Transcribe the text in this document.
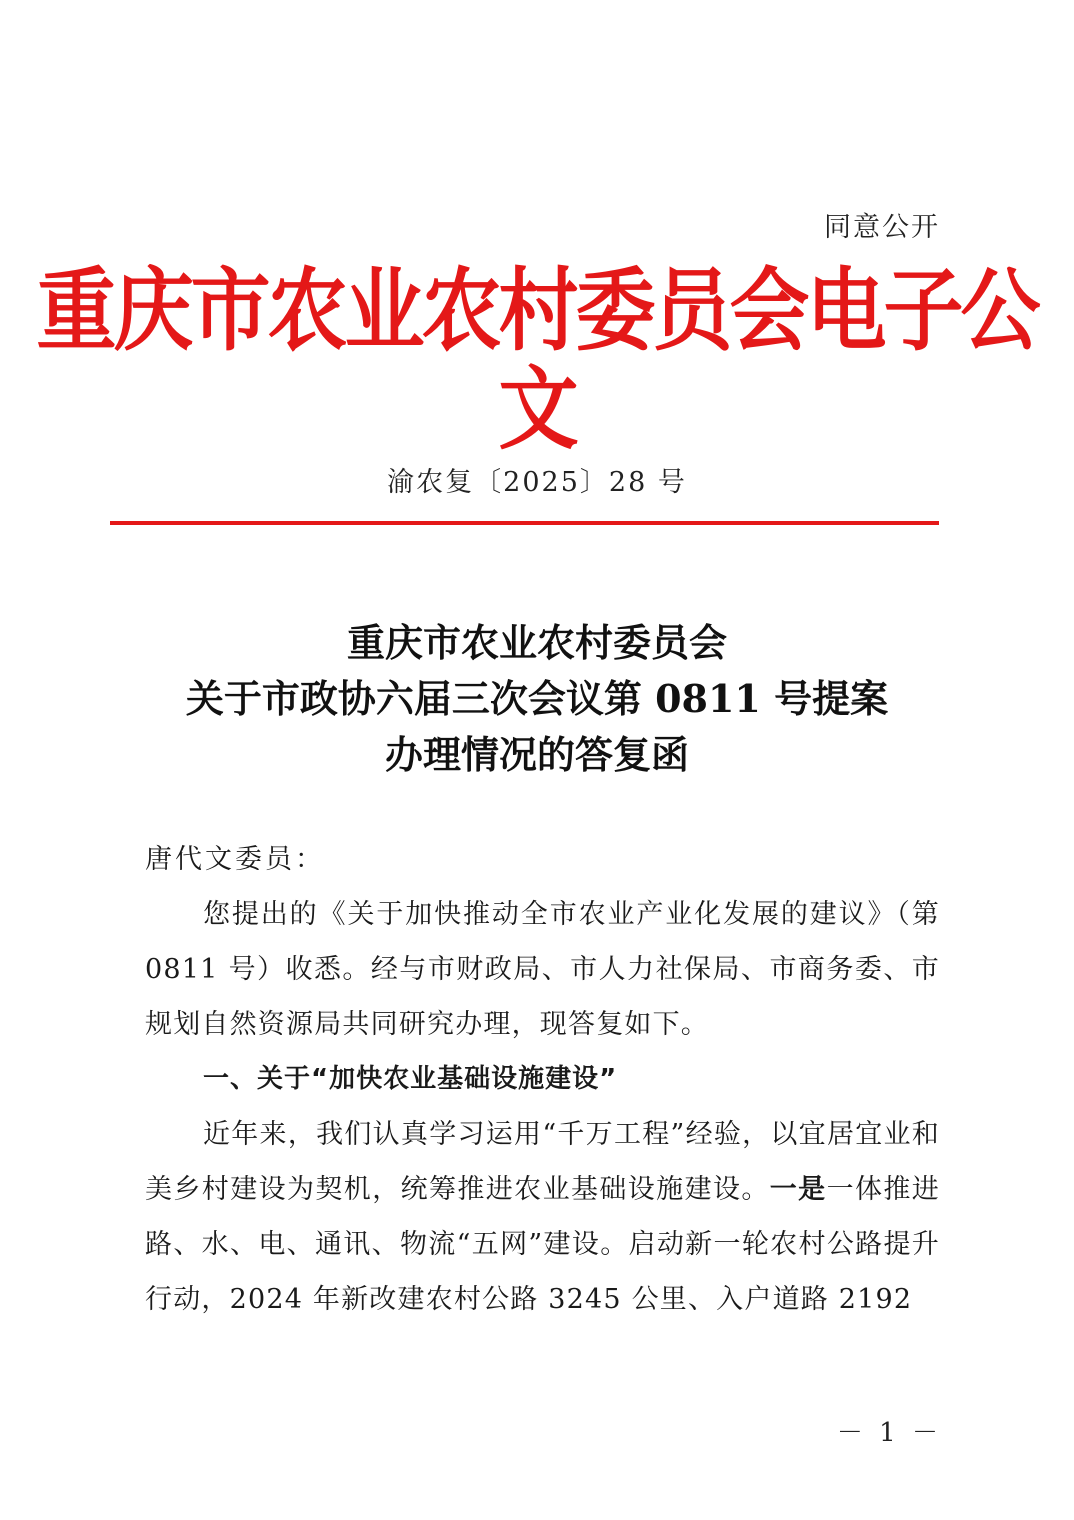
同意公开
重庆市农业农村委员会电子公文
渝农复〔2025〕28 号
重庆市农业农村委员会
关于市政协六届三次会议第 0811 号提案
办理情况的答复函
唐代文委员：
您提出的《关于加快推动全市农业产业化发展的建议》（第 0811 号）收悉。经与市财政局、市人力社保局、市商务委、市规划自然资源局共同研究办理，现答复如下。
一、关于“加快农业基础设施建设”
近年来，我们认真学习运用“千万工程”经验，以宜居宜业和美乡村建设为契机，统筹推进农业基础设施建设。一是一体推进路、水、电、通讯、物流“五网”建设。启动新一轮农村公路提升行动，2024 年新改建农村公路 3245 公里、入户道路 2192
－ 1 －
